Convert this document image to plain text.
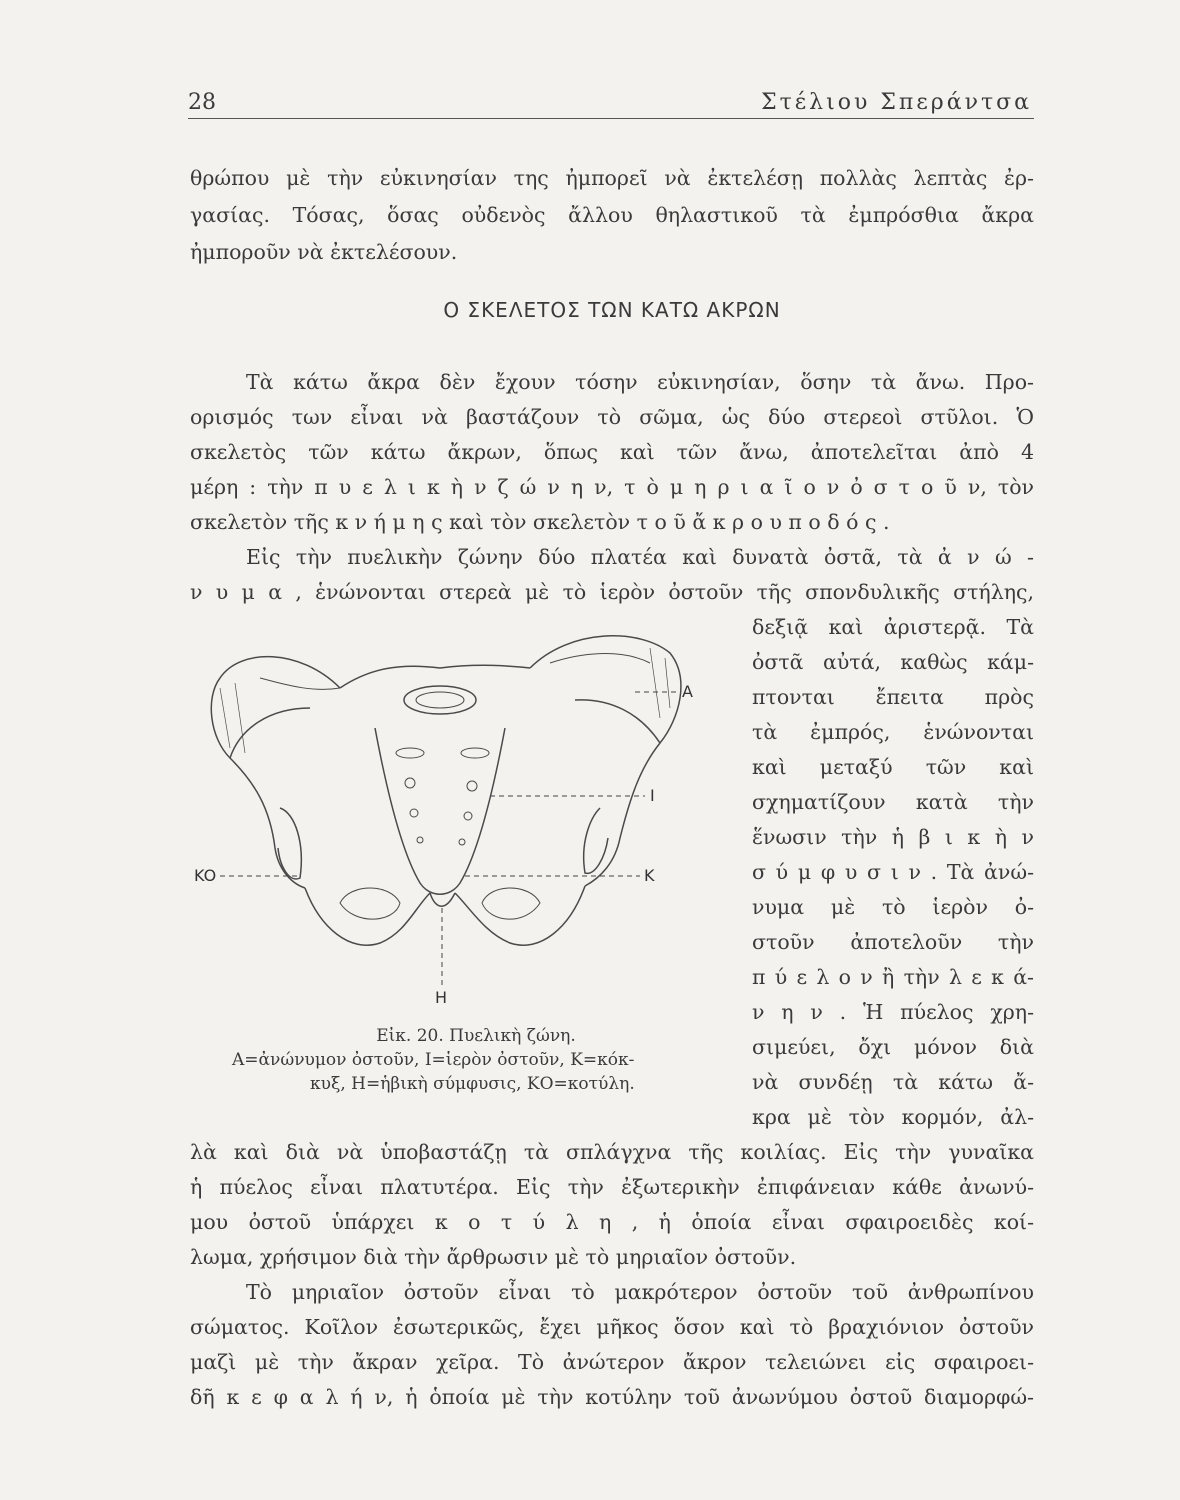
28	Στέλιου Σπεράντσα
θρώπου μὲ τὴν εὐκινησίαν της ἠμπορεῖ νὰ ἐκτελέσῃ πολλὰς λεπτὰς ἐρ-
γασίας. Τόσας, ὅσας οὐδενὸς ἄλλου θηλαστικοῦ τὰ ἐμπρόσθια ἄκρα
ἠμποροῦν νὰ ἐκτελέσουν.
Ο ΣΚΕΛΕΤΟΣ ΤΩΝ ΚΑΤΩ ΑΚΡΩΝ
Τὰ κάτω ἄκρα δὲν ἔχουν τόσην εὐκινησίαν, ὅσην τὰ ἄνω. Προ-
ορισμός των εἶναι νὰ βαστάζουν τὸ σῶμα, ὡς δύο στερεοὶ στῦλοι. Ὁ
σκελετὸς τῶν κάτω ἄκρων, ὅπως καὶ τῶν ἄνω, ἀποτελεῖται ἀπὸ 4
μέρη : τὴν π υ ε λ ι κ ὴ ν ζ ώ ν η ν, τ ὸ μ η ρ ι α ῖ ο ν ὀ σ τ ο ῦ ν, τὸν
σκελετὸν τῆς κ ν ή μ η ς καὶ τὸν σκελετὸν τ ο ῦ ἄ κ ρ ο υ π ο δ ό ς .
Εἰς τὴν πυελικὴν ζώνην δύο πλατέα καὶ δυνατὰ ὀστᾶ, τὰ ἀ ν ώ -
ν υ μ α , ἑνώνονται στερεὰ μὲ τὸ ἱερὸν ὀστοῦν τῆς σπονδυλικῆς στήλης,
δεξιᾷ καὶ ἀριστερᾷ. Τὰ
ὀστᾶ αὐτά, καθὼς κάμ-
πτονται ἔπειτα πρὸς
τὰ ἐμπρός, ἑνώνονται
καὶ μεταξύ τῶν καὶ
σχηματίζουν κατὰ τὴν
ἕνωσιν τὴν ἡ β ι κ ὴ ν
σ ύ μ φ υ σ ι ν . Τὰ ἀνώ-
νυμα μὲ τὸ ἱερὸν ὀ-
στοῦν ἀποτελοῦν τὴν
π ύ ε λ ο ν ἢ τὴν λ ε κ ά-
ν η ν . Ἡ πύελος χρη-
σιμεύει, ὄχι μόνον διὰ
νὰ συνδέῃ τὰ κάτω ἄ-
κρα μὲ τὸν κορμόν, ἀλ-
A
I
K
KO
H
Εἰκ. 20. Πυελικὴ ζώνη.
Α=ἀνώνυμον ὀστοῦν, Ι=ἱερὸν ὀστοῦν, Κ=κόκ-
κυξ, Η=ἡβικὴ σύμφυσις, ΚΟ=κοτύλη.
λὰ καὶ διὰ νὰ ὑποβαστάζῃ τὰ σπλάγχνα τῆς κοιλίας. Εἰς τὴν γυναῖκα
ἡ πύελος εἶναι πλατυτέρα. Εἰς τὴν ἐξωτερικὴν ἐπιφάνειαν κάθε ἀνωνύ-
μου ὀστοῦ ὑπάρχει κ ο τ ύ λ η , ἡ ὁποία εἶναι σφαιροειδὲς κοί-
λωμα, χρήσιμον διὰ τὴν ἄρθρωσιν μὲ τὸ μηριαῖον ὀστοῦν.
Τὸ μηριαῖον ὀστοῦν εἶναι τὸ μακρότερον ὀστοῦν τοῦ ἀνθρωπίνου
σώματος. Κοῖλον ἐσωτερικῶς, ἔχει μῆκος ὅσον καὶ τὸ βραχιόνιον ὀστοῦν
μαζὶ μὲ τὴν ἄκραν χεῖρα. Τὸ ἀνώτερον ἄκρον τελειώνει εἰς σφαιροει-
δῆ κ ε φ α λ ή ν, ἡ ὁποία μὲ τὴν κοτύλην τοῦ ἀνωνύμου ὀστοῦ διαμορφώ-
